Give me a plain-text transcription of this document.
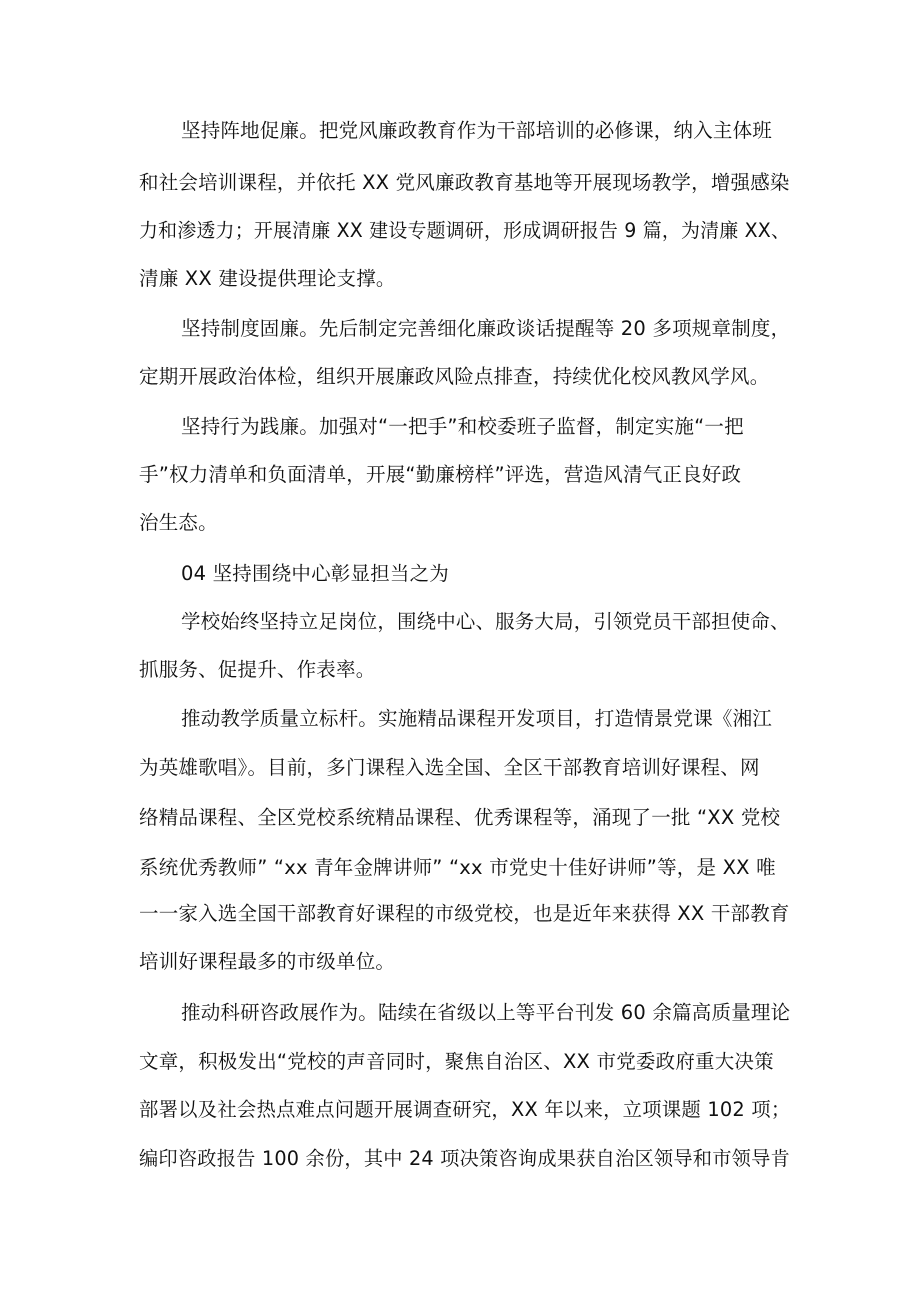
坚持阵地促廉。把党风廉政教育作为干部培训的必修课，纳入主体班

和社会培训课程，并依托 XX 党风廉政教育基地等开展现场教学，增强感染

力和渗透力；开展清廉 XX 建设专题调研，形成调研报告 9 篇，为清廉 XX、

清廉 XX 建设提供理论支撑。

坚持制度固廉。先后制定完善细化廉政谈话提醒等 20 多项规章制度，

定期开展政治体检，组织开展廉政风险点排查，持续优化校风教风学风。

坚持行为践廉。加强对“一把手”和校委班子监督，制定实施“一把

手”权力清单和负面清单，开展“勤廉榜样”评选，营造风清气正良好政

治生态。

04 坚持围绕中心彰显担当之为

学校始终坚持立足岗位，围绕中心、服务大局，引领党员干部担使命、

抓服务、促提升、作表率。

推动教学质量立标杆。实施精品课程开发项目，打造情景党课《湘江

为英雄歌唱》。目前，多门课程入选全国、全区干部教育培训好课程、网

络精品课程、全区党校系统精品课程、优秀课程等，涌现了一批 “XX 党校

系统优秀教师” “xx 青年金牌讲师” “xx 市党史十佳好讲师”等，是 XX 唯

一一家入选全国干部教育好课程的市级党校，也是近年来获得 XX 干部教育

培训好课程最多的市级单位。

推动科研咨政展作为。陆续在省级以上等平台刊发 60 余篇高质量理论

文章，积极发出“党校的声音同时，聚焦自治区、XX 市党委政府重大决策

部署以及社会热点难点问题开展调查研究，XX 年以来，立项课题 102 项；

编印咨政报告 100 余份，其中 24 项决策咨询成果获自治区领导和市领导肯
